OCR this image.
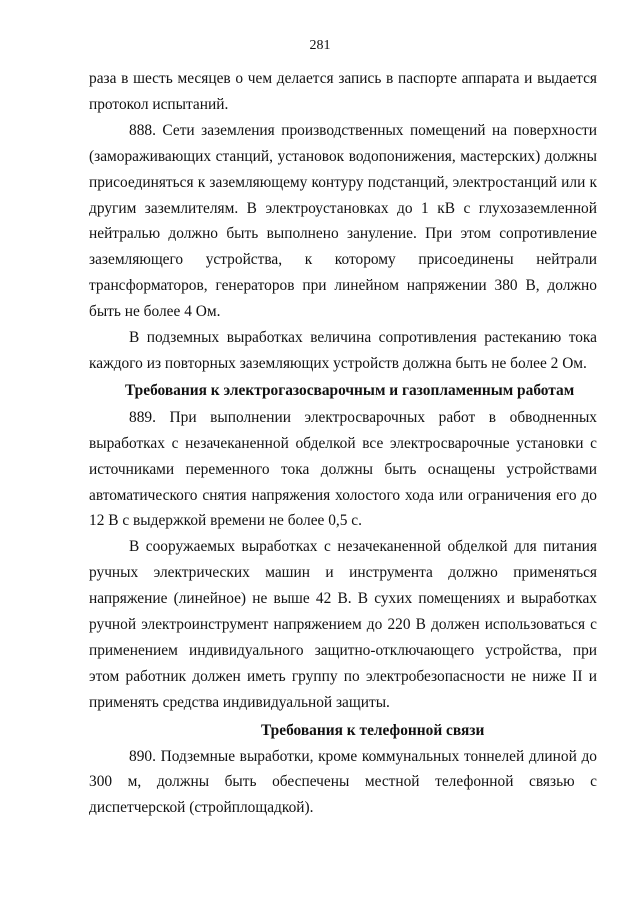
281

раза в шесть месяцев о чем делается запись в паспорте аппарата и выдается

протокол испытаний.

888. Сети заземления производственных помещений на поверхности (замораживающих станций, установок водопонижения, мастерских) должны присоединяться к заземляющему контуру подстанций, электростанций или к другим заземлителям. В электроустановках до 1 кВ с глухозаземленной нейтралью должно быть выполнено зануление. При этом сопротивление заземляющего устройства, к которому присоединены нейтрали трансформаторов, генераторов при линейном напряжении 380 В, должно быть не более 4 Ом.

В подземных выработках величина сопротивления растеканию тока каждого из повторных заземляющих устройств должна быть не более 2 Ом.

Требования к электрогазосварочным и газопламенным работам

889. При выполнении электросварочных работ в обводненных выработках с незачеканенной обделкой все электросварочные установки с источниками переменного тока должны быть оснащены устройствами автоматического снятия напряжения холостого хода или ограничения его до 12 В с выдержкой времени не более 0,5 с.

В сооружаемых выработках с незачеканенной обделкой для питания ручных электрических машин и инструмента должно применяться напряжение (линейное) не выше 42 В. В сухих помещениях и выработках ручной электроинструмент напряжением до 220 В должен использоваться с применением индивидуального защитно-отключающего устройства, при этом работник должен иметь группу по электробезопасности не ниже II и применять средства индивидуальной защиты.

Требования к телефонной связи

890. Подземные выработки, кроме коммунальных тоннелей длиной до 300 м, должны быть обеспечены местной телефонной связью с диспетчерской (стройплощадкой).
